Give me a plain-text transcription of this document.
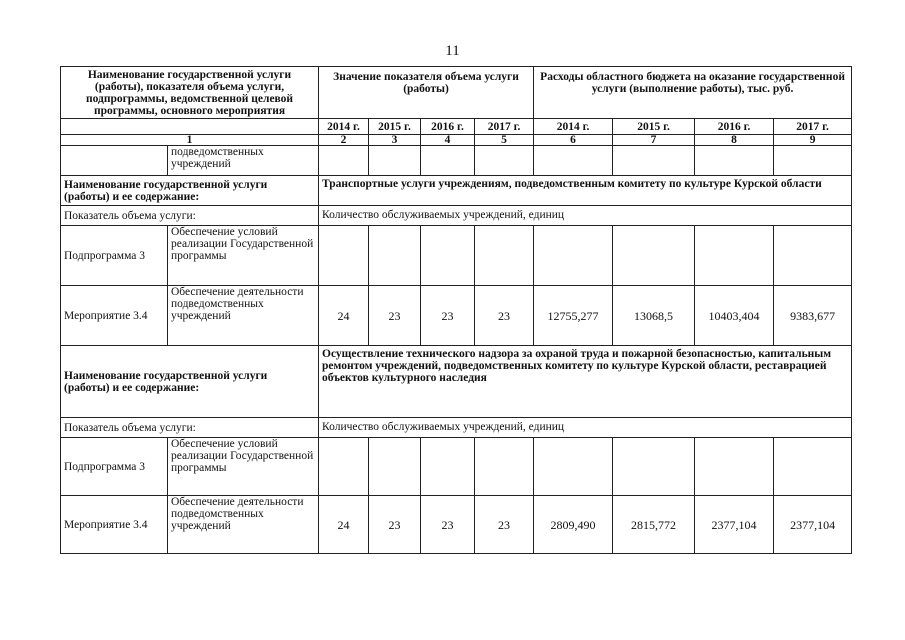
11
Наименование государственной услуги (работы), показателя объема услуги, подпрограммы, ведомственной целевой программы, основного мероприятия		Значение показателя объема услуги (работы)				Расходы областного бюджета на оказание государственной услуги (выполнение работы), тыс. руб.			
		2014 г.	2015 г.	2016 г.	2017 г.	2014 г.	2015 г.	2016 г.	2017 г.
1		2	3	4	5	6	7	8	9
	подведомственных учреждений								
Наименование государственной услуги (работы) и ее содержание:		Транспортные услуги учреждениям, подведомственным комитету по культуре Курской области							
Показатель объема услуги:		Количество обслуживаемых учреждений, единиц							
Подпрограмма 3	Обеспечение условий реализации Государственной программы								
Мероприятие 3.4	Обеспечение деятельности подведомственных учреждений	24	23	23	23	12755,277	13068,5	10403,404	9383,677
Наименование государственной услуги (работы) и ее содержание:		Осуществление технического надзора за охраной труда и пожарной безопасностью, капитальным ремонтом учреждений, подведомственных комитету по культуре Курской области, реставрацией объектов культурного наследия							
Показатель объема услуги:		Количество обслуживаемых учреждений, единиц							
Подпрограмма 3	Обеспечение условий реализации Государственной программы								
Мероприятие 3.4	Обеспечение деятельности подведомственных учреждений	24	23	23	23	2809,490	2815,772	2377,104	2377,104
